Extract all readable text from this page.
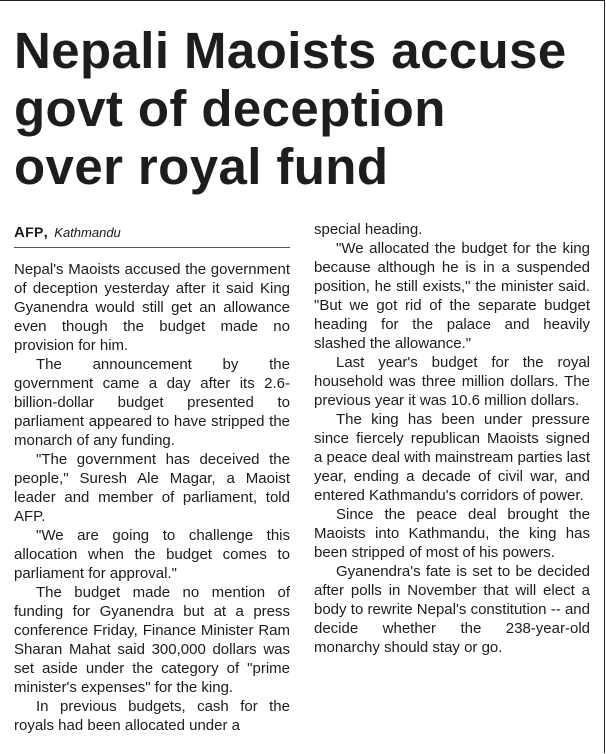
Nepali Maoists accuse
govt of deception
over royal fund
AFP, Kathmandu

Nepal's Maoists accused the government of deception yesterday after it said King Gyanendra would still get an allowance even though the budget made no provision for him.

The announcement by the government came a day after its 2.6-billion-dollar budget presented to parliament appeared to have stripped the monarch of any funding.

"The government has deceived the people," Suresh Ale Magar, a Maoist leader and member of parliament, told AFP.

"We are going to challenge this allocation when the budget comes to parliament for approval."

The budget made no mention of funding for Gyanendra but at a press conference Friday, Finance Minister Ram Sharan Mahat said 300,000 dollars was set aside under the category of "prime minister's expenses" for the king.

In previous budgets, cash for the royals had been allocated under a

special heading.

"We allocated the budget for the king because although he is in a suspended position, he still exists," the minister said. "But we got rid of the separate budget heading for the palace and heavily slashed the allowance."

Last year's budget for the royal household was three million dollars. The previous year it was 10.6 million dollars.

The king has been under pressure since fiercely republican Maoists signed a peace deal with mainstream parties last year, ending a decade of civil war, and entered Kathmandu's corridors of power.

Since the peace deal brought the Maoists into Kathmandu, the king has been stripped of most of his powers.

Gyanendra's fate is set to be decided after polls in November that will elect a body to rewrite Nepal's constitution -- and decide whether the 238-year-old monarchy should stay or go.
